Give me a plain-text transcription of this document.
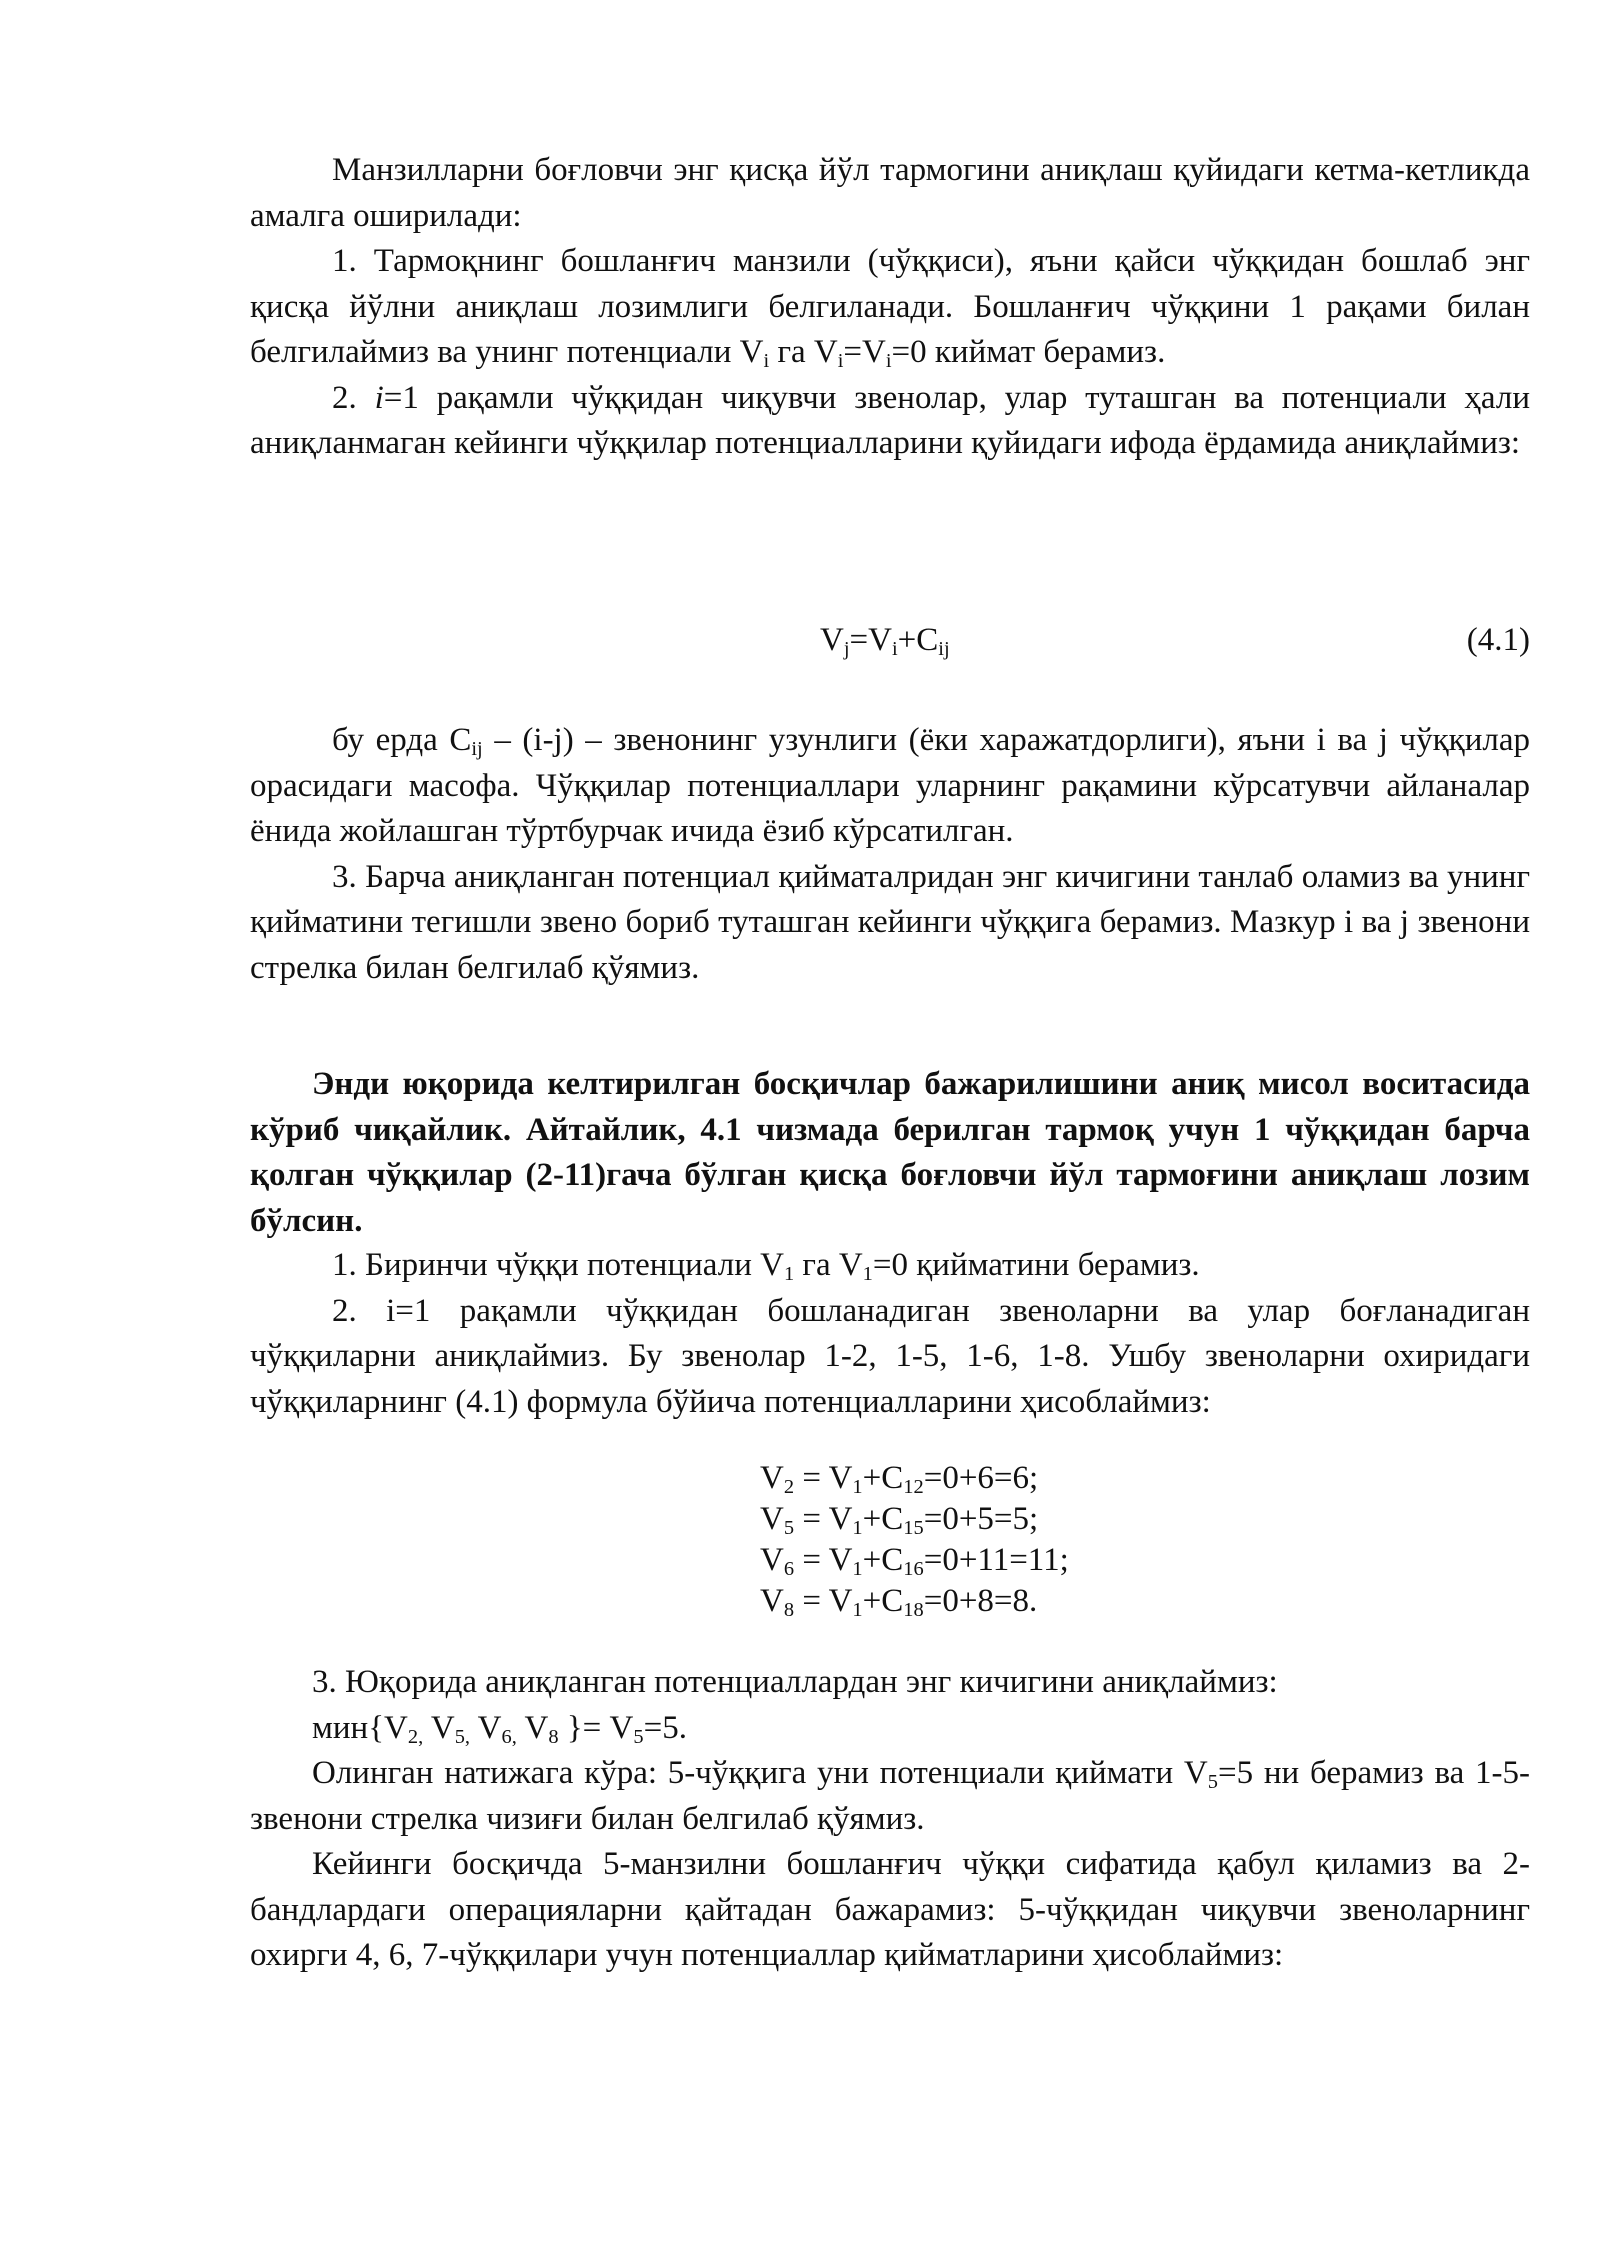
Манзилларни боғловчи энг қисқа йўл тармогини аниқлаш қуйидаги кетма-кетликда амалга оширилади:

1. Тармоқнинг бошланғич манзили (чўққиси), яъни қайси чўққидан бошлаб энг қисқа йўлни аниқлаш лозимлиги белгиланади. Бошланғич чўққини 1 рақами билан белгилаймиз ва унинг потенциали $V_i$ га $V_i=V_i=0$ киймат берамиз.

2. i=1 рақамли чўққидан чиқувчи звенолар, улар туташган ва потенциали ҳали аниқланмаган кейинги чўққилар потенциалларини қуйидаги ифода ёрдамида аниқлаймиз:

$V_j=V_i+C_{ij}$	(4.1)

бу ерда $C_{ij} - (i-j)$ – звенонинг узунлиги (ёки харажатдорлиги), яъни i ва j чўққилар орасидаги масофа. Чўққилар потенциаллари уларнинг рақамини кўрсатувчи айланалар ёнида жойлашган тўртбурчак ичида ёзиб кўрсатилган.

3. Барча аниқланган потенциал қийматалридан энг кичигини танлаб оламиз ва унинг қийматини тегишли звено бориб туташган кейинги чўққига берамиз. Мазкур i ва j звенони стрелка билан белгилаб қўямиз.

Энди юқорида келтирилган босқичлар бажарилишини аниқ мисол воситасида кўриб чиқайлик. Айтайлик, 4.1 чизмада берилган тармоқ учун 1 чўққидан барча қолган чўққилар (2-11)гача бўлган қисқа боғловчи йўл тармоғини аниқлаш лозим бўлсин.

1. Биринчи чўққи потенциали $V_1$ га $V_1=0$ қийматини берамиз.

2. i=1 рақамли чўққидан бошланадиган звеноларни ва улар боғланадиган чўққиларни аниқлаймиз. Бу звенолар 1-2, 1-5, 1-6, 1-8. Ушбу звеноларни охиридаги чўққиларнинг (4.1) формула бўйича потенциалларини ҳисоблаймиз:

$V_2 = V_1+C_{12}=0+6=6$;
$V_5 = V_1+C_{15}=0+5=5$;
$V_6 = V_1+C_{16}=0+11=11$;
$V_8 = V_1+C_{18}=0+8=8$.

3. Юқорида аниқланган потенциаллардан энг кичигини аниқлаймиз:

$мин\{V_{2,}$ $V_{5,}$ $V_{6,}$ $V_8$ }= $V_5=5$.

Олинган натижага кўра: 5-чўққига уни потенциали қиймати $V_5=5$ ни берамиз ва 1-5-звенони стрелка чизиғи билан белгилаб қўямиз.

Кейинги босқичда 5-манзилни бошланғич чўққи сифатида қабул қиламиз ва 2-бандлардаги операцияларни қайтадан бажарамиз: 5-чўққидан чиқувчи звеноларнинг охирги 4, 6, 7-чўққилари учун потенциаллар қийматларини ҳисоблаймиз:
